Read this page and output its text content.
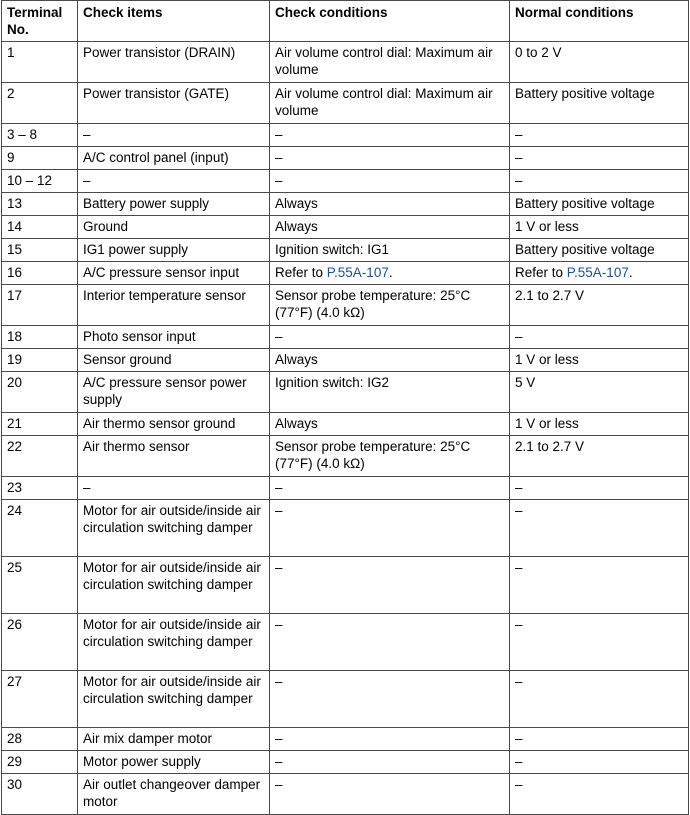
Terminal No.	Check items	Check conditions	Normal conditions
1	Power transistor (DRAIN)	Air volume control dial: Maximum air volume	0 to 2 V
2	Power transistor (GATE)	Air volume control dial: Maximum air volume	Battery positive voltage
3 – 8	–	–	–
9	A/C control panel (input)	–	–
10 – 12	–	–	–
13	Battery power supply	Always	Battery positive voltage
14	Ground	Always	1 V or less
15	IG1 power supply	Ignition switch: IG1	Battery positive voltage
16	A/C pressure sensor input	Refer to P.55A-107.	Refer to P.55A-107.
17	Interior temperature sensor	Sensor probe temperature: 25°C (77°F) (4.0 kΩ)	2.1 to 2.7 V
18	Photo sensor input	–	–
19	Sensor ground	Always	1 V or less
20	A/C pressure sensor power supply	Ignition switch: IG2	5 V
21	Air thermo sensor ground	Always	1 V or less
22	Air thermo sensor	Sensor probe temperature: 25°C (77°F) (4.0 kΩ)	2.1 to 2.7 V
23	–	–	–
24	Motor for air outside/inside air circulation switching damper	–	–
25	Motor for air outside/inside air circulation switching damper	–	–
26	Motor for air outside/inside air circulation switching damper	–	–
27	Motor for air outside/inside air circulation switching damper	–	–
28	Air mix damper motor	–	–
29	Motor power supply	–	–
30	Air outlet changeover damper motor	–	–
